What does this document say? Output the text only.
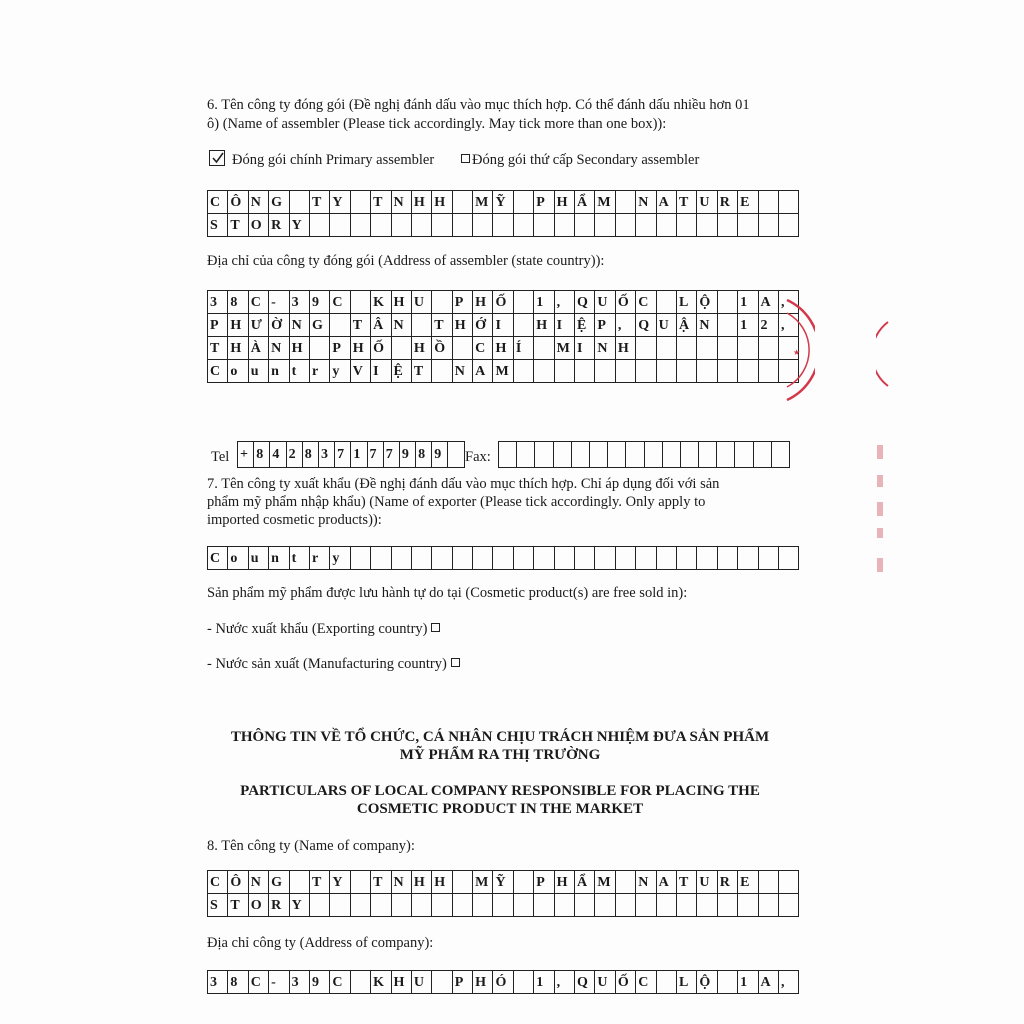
6. Tên công ty đóng gói (Đề nghị đánh dấu vào mục thích hợp. Có thể đánh dấu nhiều hơn 01
ô) (Name of assembler (Please tick accordingly. May tick more than one box)):
Đóng gói chính Primary assembler	Đóng gói thứ cấp Secondary assembler
C Ô N G	T Y	T N H H	M Ỹ	P H Ẩ M	N A T U R E
S T O R Y
Địa chỉ của công ty đóng gói (Address of assembler (state country)):
3 8 C -	3 9 C	K H U	P H Ố	1 ,	Q U Ố C	L Ộ	1 A ,
P H Ư Ờ N G	T Â N	T H Ớ I	H I	Ệ P ,	Q U Ậ N	1 2 ,
T H À N H	P H Ố	H Ồ	C H Í	M I	N H
C o u n t	r	y V I	Ệ T	N A M
Tel + 8 4 2 8 3 7 1 7 7 9 8 9	Fax:
7. Tên công ty xuất khẩu (Đề nghị đánh dấu vào mục thích hợp. Chỉ áp dụng đối với sản
phẩm mỹ phẩm nhập khẩu) (Name of exporter (Please tick accordingly. Only apply to
imported cosmetic products)):
C o u n t	r	y
Sản phẩm mỹ phẩm được lưu hành tự do tại (Cosmetic product(s) are free sold in):
- Nước xuất khẩu (Exporting country)
- Nước sản xuất (Manufacturing country)
THÔNG TIN VỀ TỔ CHỨC, CÁ NHÂN CHỊU TRÁCH NHIỆM ĐƯA SẢN PHẨM
MỸ PHẨM RA THỊ TRƯỜNG
PARTICULARS OF LOCAL COMPANY RESPONSIBLE FOR PLACING THE
COSMETIC PRODUCT IN THE MARKET
8. Tên công ty (Name of company):
C Ô N G	T Y	T N H H	M Ỹ	P H Ẩ M	N A T U R E
S T O R Y
Địa chỉ công ty (Address of company):
3 8 C -	3 9 C	K H U	P H Ó	1 ,	Q U Ố C	L Ộ	1 A ,
★
